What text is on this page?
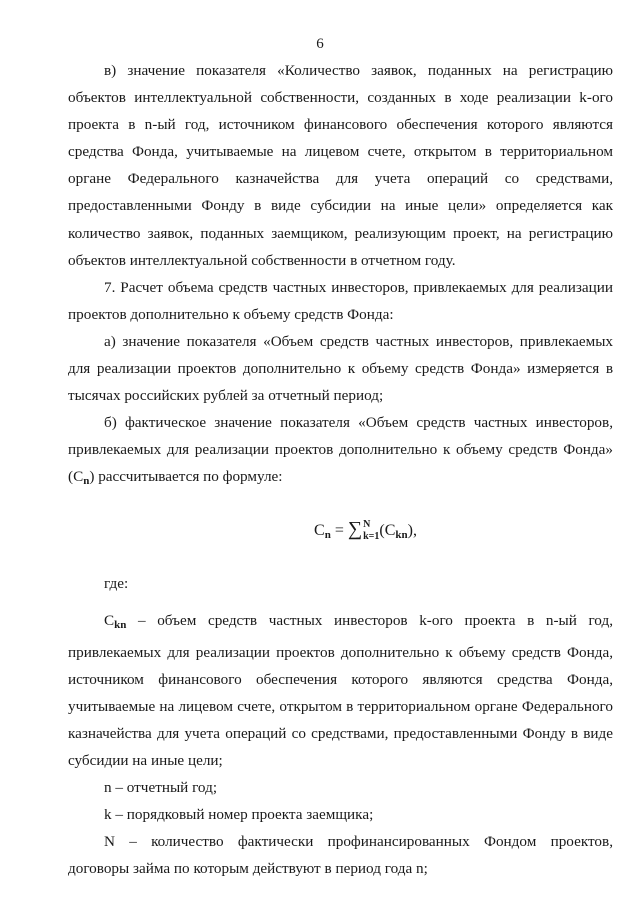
6

в) значение показателя «Количество заявок, поданных на регистрацию объектов интеллектуальной собственности, созданных в ходе реализации k-ого проекта в n-ый год, источником финансового обеспечения которого являются средства Фонда, учитываемые на лицевом счете, открытом в территориальном органе Федерального казначейства для учета операций со средствами, предоставленными Фонду в виде субсидии на иные цели» определяется как количество заявок, поданных заемщиком, реализующим проект, на регистрацию объектов интеллектуальной собственности в отчетном году.

7. Расчет объема средств частных инвесторов, привлекаемых для реализации проектов дополнительно к объему средств Фонда:

а) значение показателя «Объем средств частных инвесторов, привлекаемых для реализации проектов дополнительно к объему средств Фонда» измеряется в тысячах российских рублей за отчетный период;

б) фактическое значение показателя «Объем средств частных инвесторов, привлекаемых для реализации проектов дополнительно к объему средств Фонда» $(C_n)$ рассчитывается по формуле:

$C_n$ = ∑ N
k=1 $(C_{kn})$,

где:

$C_{kn}$ – объем средств частных инвесторов k-ого проекта в n-ый год, привлекаемых для реализации проектов дополнительно к объему средств Фонда, источником финансового обеспечения которого являются средства Фонда, учитываемые на лицевом счете, открытом в территориальном органе Федерального казначейства для учета операций со средствами, предоставленными Фонду в виде субсидии на иные цели;

n – отчетный год;

k – порядковый номер проекта заемщика;

N – количество фактически профинансированных Фондом проектов, договоры займа по которым действуют в период года n;
